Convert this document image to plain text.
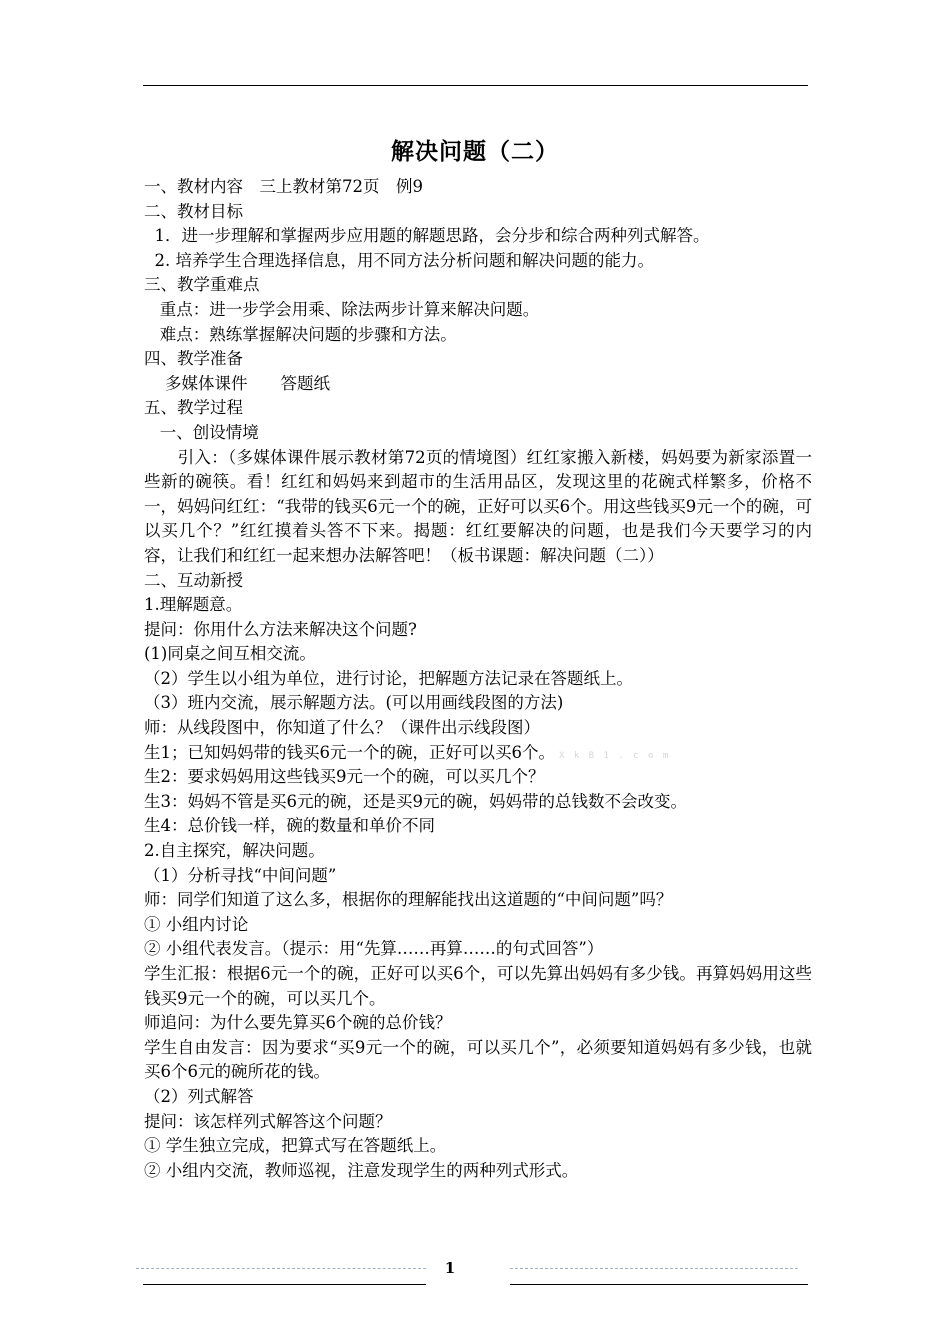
解决问题（二）
一、教材内容　三上教材第72页　例9
二、教材目标
1．进一步理解和掌握两步应用题的解题思路，会分步和综合两种列式解答。
2. 培养学生合理选择信息，用不同方法分析问题和解决问题的能力。
三、教学重难点
重点：进一步学会用乘、除法两步计算来解决问题。
难点：熟练掌握解决问题的步骤和方法。
四、教学准备
多媒体课件　　答题纸
五、教学过程
一、创设情境
　　引入：（多媒体课件展示教材第72页的情境图）红红家搬入新楼，妈妈要为新家添置一些新的碗筷。看！红红和妈妈来到超市的生活用品区，发现这里的花碗式样繁多，价格不一，妈妈问红红：“我带的钱买6元一个的碗，正好可以买6个。用这些钱买9元一个的碗，可以买几个？”红红摸着头答不下来。揭题：红红要解决的问题，也是我们今天要学习的内容，让我们和红红一起来想办法解答吧！（板书课题：解决问题（二））
二、互动新授
1.理解题意。
提问：你用什么方法来解决这个问题?
(1)同桌之间互相交流。
（2）学生以小组为单位，进行讨论，把解题方法记录在答题纸上。
（3）班内交流，展示解题方法。(可以用画线段图的方法)
师：从线段图中，你知道了什么？（课件出示线段图）
生1；已知妈妈带的钱买6元一个的碗，正好可以买6个。 X k B 1 . c o m
生2：要求妈妈用这些钱买9元一个的碗，可以买几个？
生3：妈妈不管是买6元的碗，还是买9元的碗，妈妈带的总钱数不会改变。
生4：总价钱一样，碗的数量和单价不同
2.自主探究，解决问题。
（1）分析寻找“中间问题”
师：同学们知道了这么多，根据你的理解能找出这道题的“中间问题”吗？
① 小组内讨论
② 小组代表发言。（提示：用“先算……再算……的句式回答”）
学生汇报：根据6元一个的碗，正好可以买6个，可以先算出妈妈有多少钱。再算妈妈用这些钱买9元一个的碗，可以买几个。
师追问：为什么要先算买6个碗的总价钱？
学生自由发言：因为要求“买9元一个的碗，可以买几个”，必须要知道妈妈有多少钱，也就买6个6元的碗所花的钱。
（2）列式解答
提问：该怎样列式解答这个问题？
① 学生独立完成，把算式写在答题纸上。
② 小组内交流，教师巡视，注意发现学生的两种列式形式。
1
